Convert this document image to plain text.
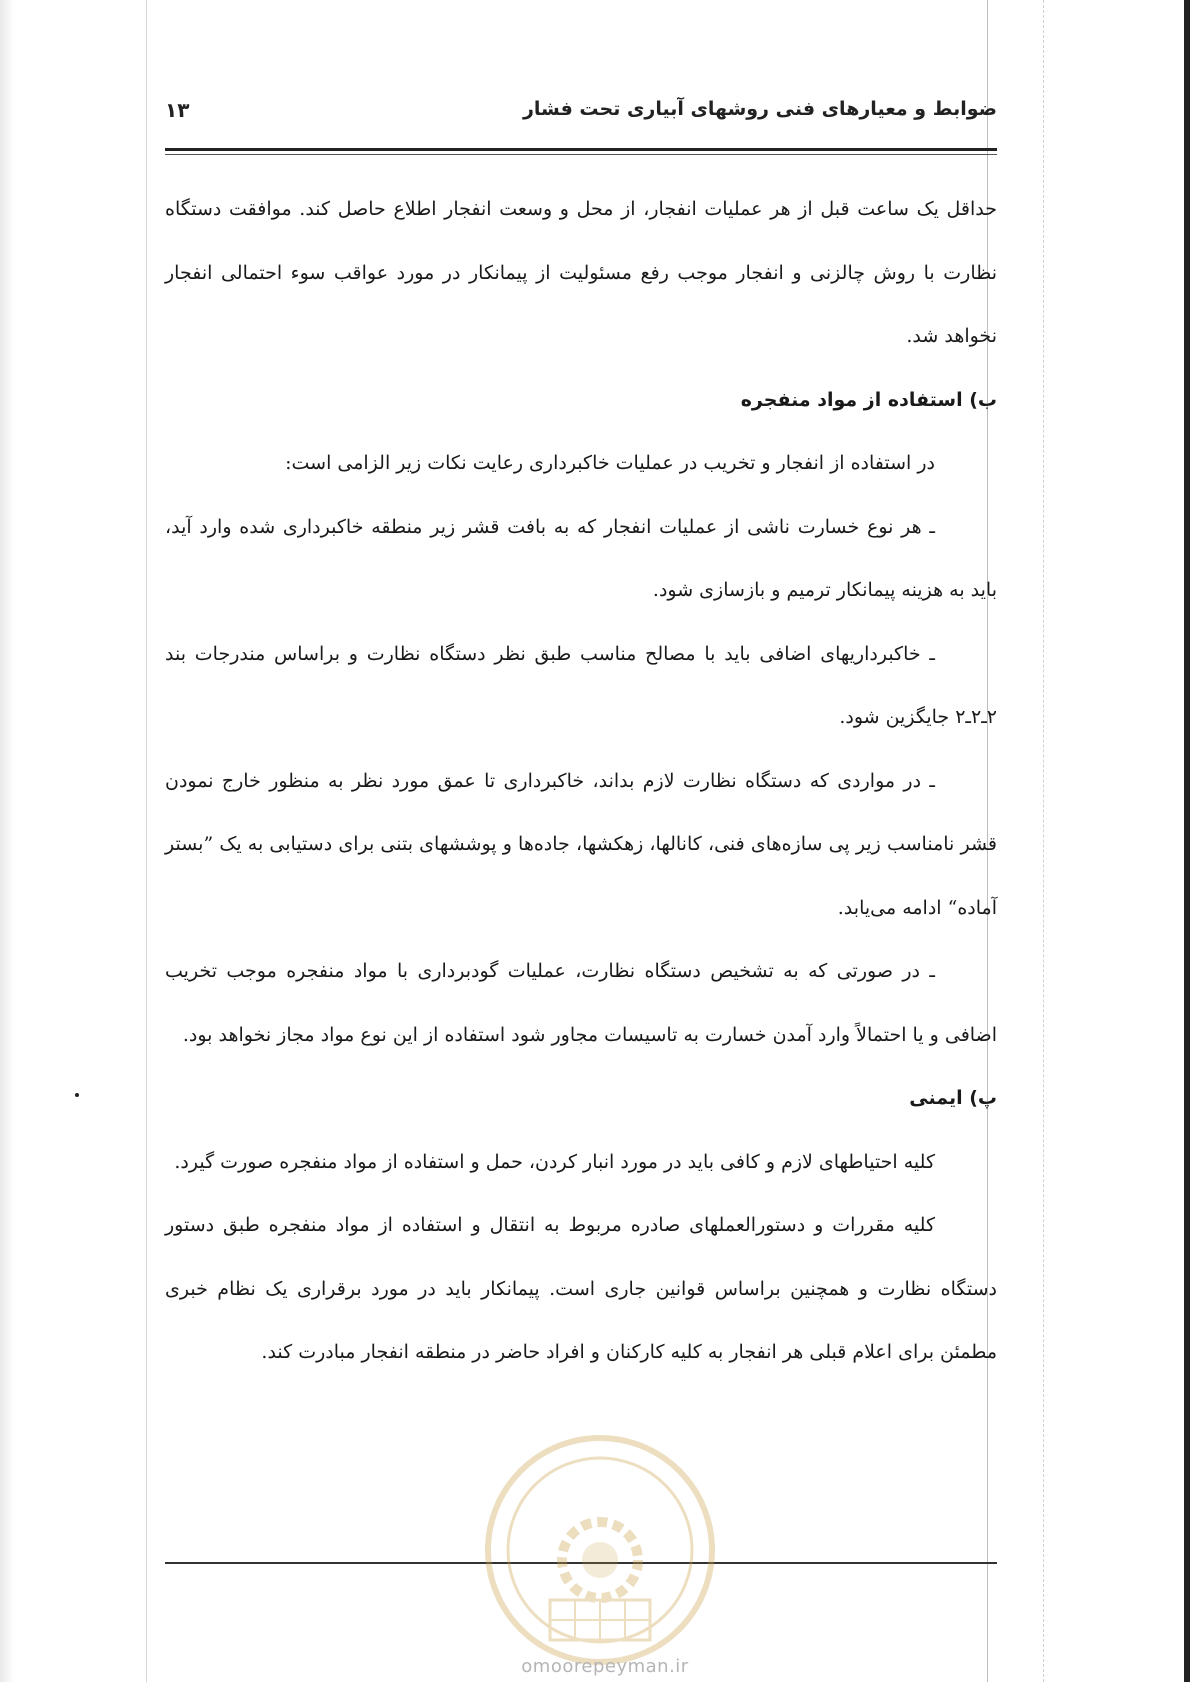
ضوابط و معیارهای فنی روشهای آبیاری تحت فشار
۱۳

حداقل یک ساعت قبل از هر عملیات انفجار، از محل و وسعت انفجار اطلاع حاصل کند. موافقت دستگاه نظارت با روش چالزنی و انفجار موجب رفع مسئولیت از پیمانکار در مورد عواقب سوء احتمالی انفجار نخواهد شد.

ب) استفاده از مواد منفجره

در استفاده از انفجار و تخریب در عملیات خاکبرداری رعایت نکات زیر الزامی است:

ـ هر نوع خسارت ناشی از عملیات انفجار که به بافت قشر زیر منطقه خاکبرداری شده وارد آید، باید به هزینه پیمانکار ترمیم و بازسازی شود.

ـ خاکبرداریهای اضافی باید با مصالح مناسب طبق نظر دستگاه نظارت و براساس مندرجات بند ۲ـ۲ـ۲ جایگزین شود.

ـ در مواردی که دستگاه نظارت لازم بداند، خاکبرداری تا عمق مورد نظر به منظور خارج نمودن قشر نامناسب زیر پی سازه‌های فنی، کانالها، زهکشها، جاده‌ها و پوششهای بتنی برای دستیابی به یک ”بستر آماده“ ادامه می‌یابد.

ـ در صورتی که به تشخیص دستگاه نظارت، عملیات گودبرداری با مواد منفجره موجب تخریب اضافی و یا احتمالاً وارد آمدن خسارت به تاسیسات مجاور شود استفاده از این نوع مواد مجاز نخواهد بود.

پ) ایمنی

کلیه احتیاطهای لازم و کافی باید در مورد انبار کردن، حمل و استفاده از مواد منفجره صورت گیرد.

کلیه مقررات و دستورالعملهای صادره مربوط به انتقال و استفاده از مواد منفجره طبق دستور دستگاه نظارت و همچنین براساس قوانین جاری است. پیمانکار باید در مورد برقراری یک نظام خبری مطمئن برای اعلام قبلی هر انفجار به کلیه کارکنان و افراد حاضر در منطقه انفجار مبادرت کند.

omoorepeyman.ir
